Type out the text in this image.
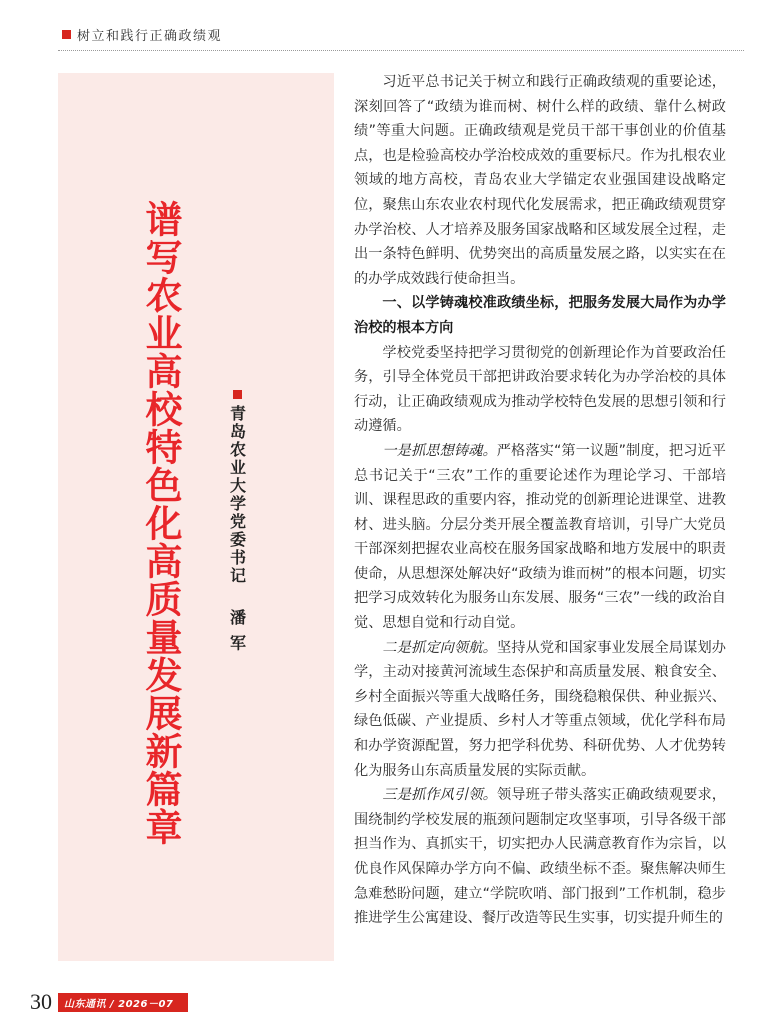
树立和践行正确政绩观
谱写农业高校特色化高质量发展新篇章	青岛农业大学党委书记
潘 军

习近平总书记关于树立和践行正确政绩观的重要论述，深刻回答了“政绩为谁而树、树什么样的政绩、靠什么树政绩”等重大问题。正确政绩观是党员干部干事创业的价值基点，也是检验高校办学治校成效的重要标尺。作为扎根农业领域的地方高校，青岛农业大学锚定农业强国建设战略定位，聚焦山东农业农村现代化发展需求，把正确政绩观贯穿办学治校、人才培养及服务国家战略和区域发展全过程，走出一条特色鲜明、优势突出的高质量发展之路，以实实在在的办学成效践行使命担当。

一、以学铸魂校准政绩坐标，把服务发展大局作为办学治校的根本方向

学校党委坚持把学习贯彻党的创新理论作为首要政治任务，引导全体党员干部把讲政治要求转化为办学治校的具体行动，让正确政绩观成为推动学校特色发展的思想引领和行动遵循。

一是抓思想铸魂。严格落实“第一议题”制度，把习近平总书记关于“三农”工作的重要论述作为理论学习、干部培训、课程思政的重要内容，推动党的创新理论进课堂、进教材、进头脑。分层分类开展全覆盖教育培训，引导广大党员干部深刻把握农业高校在服务国家战略和地方发展中的职责使命，从思想深处解决好“政绩为谁而树”的根本问题，切实把学习成效转化为服务山东发展、服务“三农”一线的政治自觉、思想自觉和行动自觉。

二是抓定向领航。坚持从党和国家事业发展全局谋划办学，主动对接黄河流域生态保护和高质量发展、粮食安全、乡村全面振兴等重大战略任务，围绕稳粮保供、种业振兴、绿色低碳、产业提质、乡村人才等重点领域，优化学科布局和办学资源配置，努力把学科优势、科研优势、人才优势转化为服务山东高质量发展的实际贡献。

三是抓作风引领。领导班子带头落实正确政绩观要求，围绕制约学校发展的瓶颈问题制定攻坚事项，引导各级干部担当作为、真抓实干，切实把办人民满意教育作为宗旨，以优良作风保障办学方向不偏、政绩坐标不歪。聚焦解决师生急难愁盼问题，建立“学院吹哨、部门报到”工作机制，稳步推进学生公寓建设、餐厅改造等民生实事，切实提升师生的

30 山东通讯 / 2026－07
